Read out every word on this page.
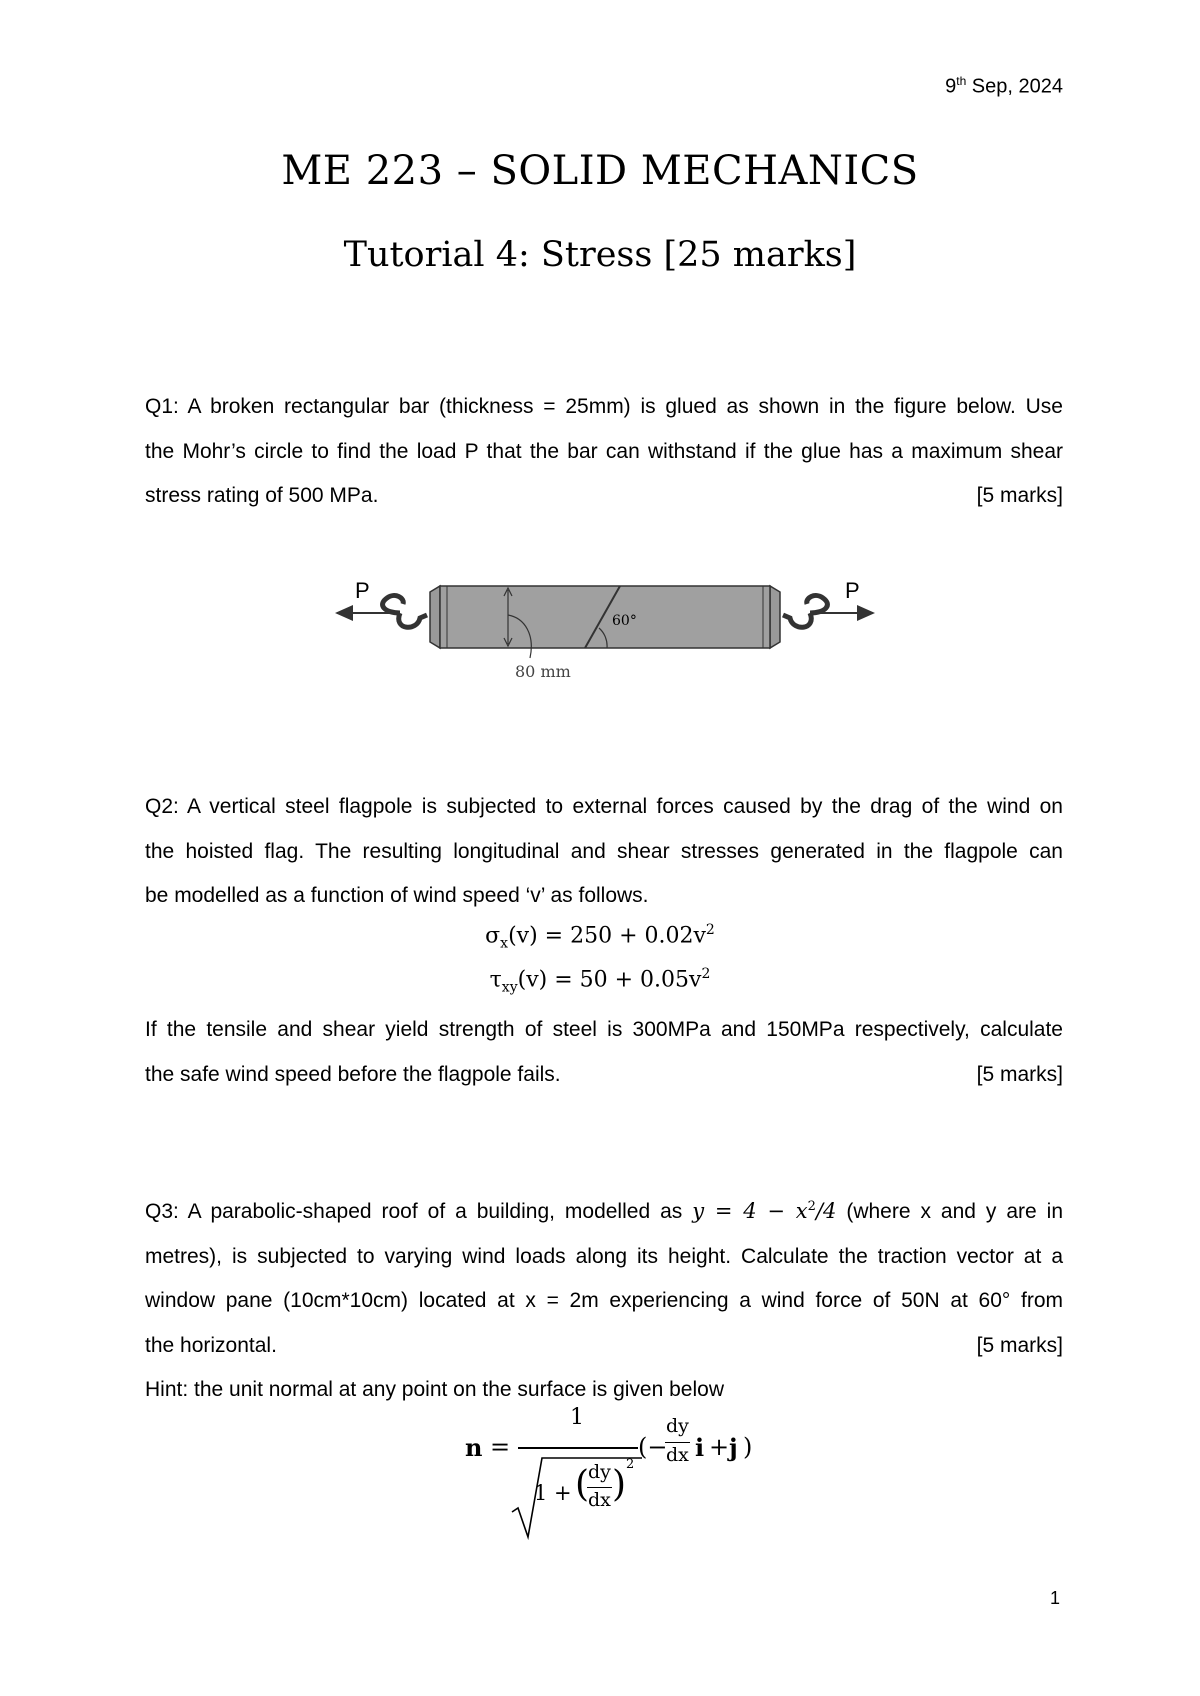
9th Sep, 2024
ME 223 – SOLID MECHANICS
Tutorial 4: Stress [25 marks]
Q1: A broken rectangular bar (thickness = 25mm) is glued as shown in the figure below. Use
the Mohr’s circle to find the load P that the bar can withstand if the glue has a maximum shear
stress rating of 500 MPa.	[5 marks]
P	P
60°
80 mm
Q2: A vertical steel flagpole is subjected to external forces caused by the drag of the wind on
the hoisted flag. The resulting longitudinal and shear stresses generated in the flagpole can
be modelled as a function of wind speed ‘v’ as follows.
$\sigma_x(v) = 250 + 0.02v^2$
$\tau_{xy}(v) = 50 + 0.05v^2$
If the tensile and shear yield strength of steel is 300MPa and 150MPa respectively, calculate
the safe wind speed before the flagpole fails.	[5 marks]
Q3: A parabolic-shaped roof of a building, modelled as $y = 4 - x^2/4$ (where x and y are in
metres), is subjected to varying wind loads along its height. Calculate the traction vector at a
window pane (10cm*10cm) located at x = 2m experiencing a wind force of 50N at 60° from
the horizontal.	[5 marks]
Hint: the unit normal at any point on the surface is given below
n =
1
1 + (
dy
dx ) 2
(−
dy
dx i + j )
1
